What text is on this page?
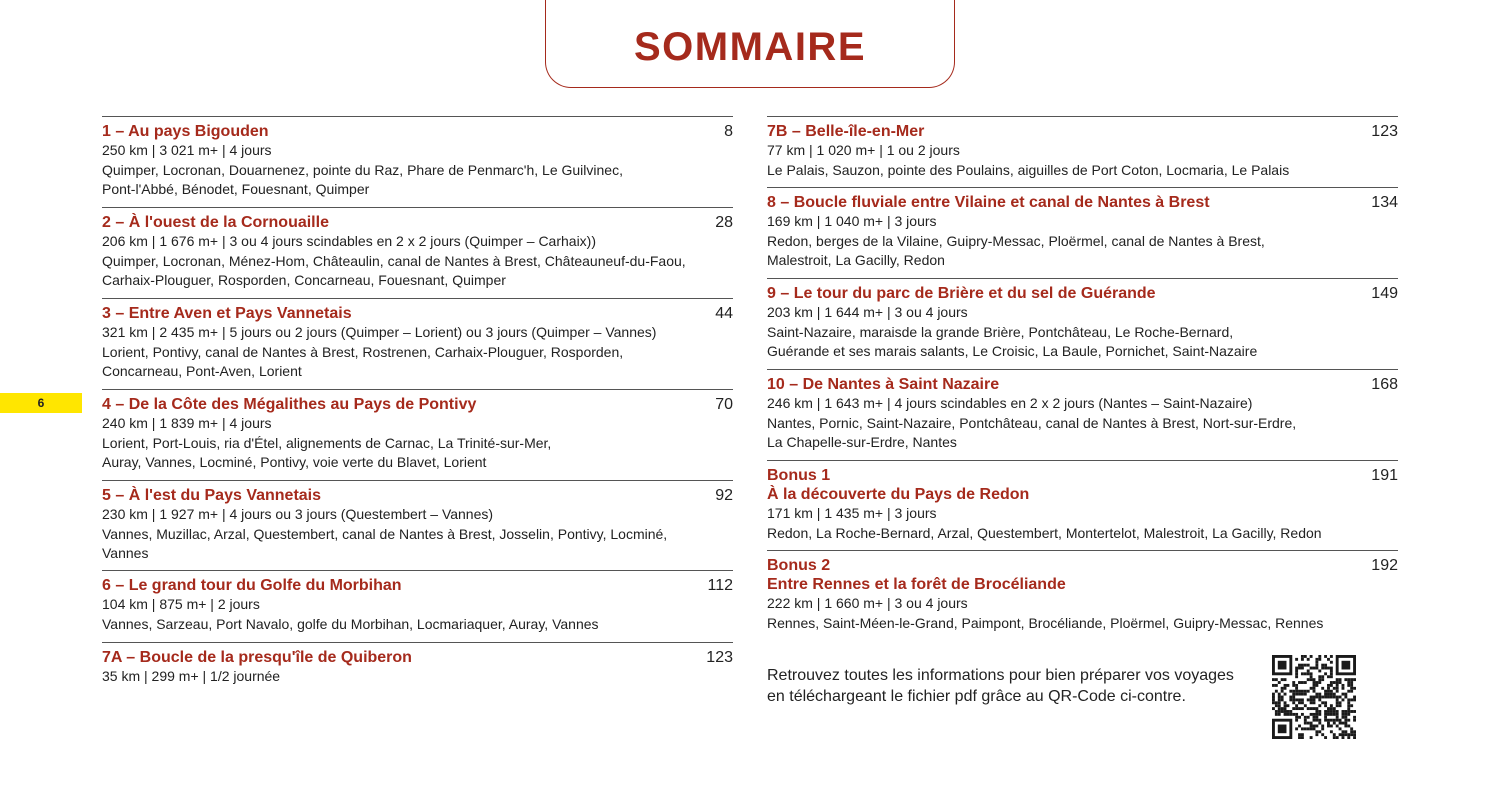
SOMMAIRE
6
1 – Au pays Bigouden	8
250 km | 3 021 m+ | 4 jours
Quimper, Locronan, Douarnenez, pointe du Raz, Phare de Penmarc'h, Le Guilvinec,
Pont-l'Abbé, Bénodet, Fouesnant, Quimper
2 – À l'ouest de la Cornouaille	28
206 km | 1 676 m+ | 3 ou 4 jours scindables en 2 x 2 jours (Quimper – Carhaix))
Quimper, Locronan, Ménez-Hom, Châteaulin, canal de Nantes à Brest, Châteauneuf-du-Faou,
Carhaix-Plouguer, Rosporden, Concarneau, Fouesnant, Quimper
3 – Entre Aven et Pays Vannetais	44
321 km | 2 435 m+ | 5 jours ou 2 jours (Quimper – Lorient) ou 3 jours (Quimper – Vannes)
Lorient, Pontivy, canal de Nantes à Brest, Rostrenen, Carhaix-Plouguer, Rosporden,
Concarneau, Pont-Aven, Lorient
4 – De la Côte des Mégalithes au Pays de Pontivy	70
240 km | 1 839 m+ | 4 jours
Lorient, Port-Louis, ria d'Étel, alignements de Carnac, La Trinité-sur-Mer,
Auray, Vannes, Locminé, Pontivy, voie verte du Blavet, Lorient
5 – À l'est du Pays Vannetais	92
230 km | 1 927 m+ | 4 jours ou 3 jours (Questembert – Vannes)
Vannes, Muzillac, Arzal, Questembert, canal de Nantes à Brest, Josselin, Pontivy, Locminé,
Vannes
6 – Le grand tour du Golfe du Morbihan	112
104 km | 875 m+ | 2 jours
Vannes, Sarzeau, Port Navalo, golfe du Morbihan, Locmariaquer, Auray, Vannes
7A – Boucle de la presqu'île de Quiberon	123
35 km | 299 m+ | 1/2 journée
7B – Belle-île-en-Mer	123
77 km | 1 020 m+ | 1 ou 2 jours
Le Palais, Sauzon, pointe des Poulains, aiguilles de Port Coton, Locmaria, Le Palais
8 – Boucle fluviale entre Vilaine et canal de Nantes à Brest	134
169 km | 1 040 m+ | 3 jours
Redon, berges de la Vilaine, Guipry-Messac, Ploërmel, canal de Nantes à Brest,
Malestroit, La Gacilly, Redon
9 – Le tour du parc de Brière et du sel de Guérande	149
203 km | 1 644 m+ | 3 ou 4 jours
Saint-Nazaire, maraisde la grande Brière, Pontchâteau, Le Roche-Bernard,
Guérande et ses marais salants, Le Croisic, La Baule, Pornichet, Saint-Nazaire
10 – De Nantes à Saint Nazaire	168
246 km | 1 643 m+ | 4 jours scindables en 2 x 2 jours (Nantes – Saint-Nazaire)
Nantes, Pornic, Saint-Nazaire, Pontchâteau, canal de Nantes à Brest, Nort-sur-Erdre,
La Chapelle-sur-Erdre, Nantes
Bonus 1	191
À la découverte du Pays de Redon
171 km | 1 435 m+ | 3 jours
Redon, La Roche-Bernard, Arzal, Questembert, Montertelot, Malestroit, La Gacilly, Redon
Bonus 2	192
Entre Rennes et la forêt de Brocéliande
222 km | 1 660 m+ | 3 ou 4 jours
Rennes, Saint-Méen-le-Grand, Paimpont, Brocéliande, Ploërmel, Guipry-Messac, Rennes
Retrouvez toutes les informations pour bien préparer vos voyages
en téléchargeant le fichier pdf grâce au QR-Code ci-contre.
